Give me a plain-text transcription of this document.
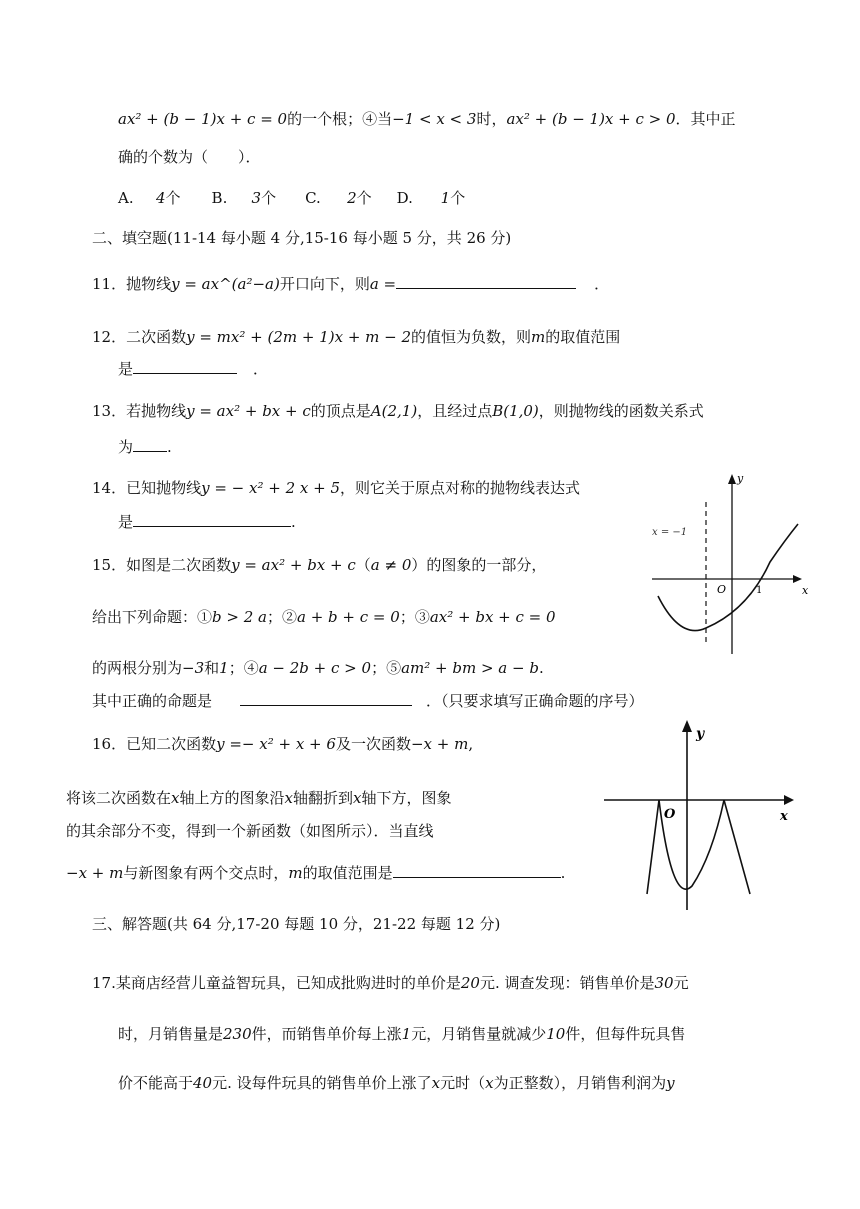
ax² + (b − 1)x + c = 0的一个根；④当−1 < x < 3时，ax² + (b − 1)x + c > 0．其中正
确的个数为（　　）．
A. 4个 B. 3个 C. 2个 D. 1个
二、填空题(11-14 每小题 4 分,15-16 每小题 5 分，共 26 分)
11．抛物线y = ax^(a²−a)开口向下，则a =	．
12．二次函数y = mx² + (2m + 1)x + m − 2的值恒为负数，则m的取值范围
是	．
13．若抛物线y = ax² + bx + c的顶点是A(2,1)，且经过点B(1,0)，则抛物线的函数关系式
为 .
14．已知抛物线y = − x² + 2 x + 5，则它关于原点对称的抛物线表达式
是	.
15．如图是二次函数y = ax² + bx + c（a ≠ 0）的图象的一部分，
给出下列命题：①b > 2 a；②a + b + c = 0；③ax² + bx + c = 0
的两根分别为−3和1；④a − 2b + c > 0；⑤am² + bm > a − b.
其中正确的命题是	．（只要求填写正确命题的序号）
x = −1
y
x
O	1
16．已知二次函数y =− x² + x + 6及一次函数−x + m,
将该二次函数在x轴上方的图象沿x轴翻折到x轴下方，图象
的其余部分不变，得到一个新函数（如图所示）．当直线
−x + m与新图象有两个交点时，m的取值范围是	.
y
x
O
三、解答题(共 64 分,17-20 每题 10 分，21-22 每题 12 分)
17.某商店经营儿童益智玩具，已知成批购进时的单价是20元. 调查发现：销售单价是30元
时，月销售量是230件，而销售单价每上涨1元，月销售量就减少10件，但每件玩具售
价不能高于40元. 设每件玩具的销售单价上涨了x元时（x为正整数），月销售利润为y
